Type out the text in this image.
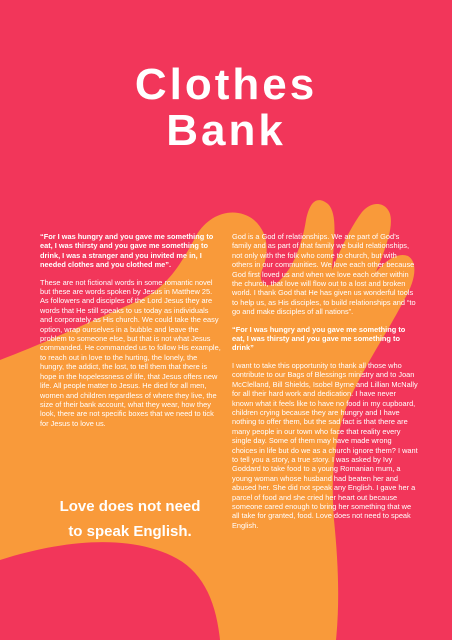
Clothes
Bank

“For I was hungry and you gave me something to eat, I was thirsty and you gave me something to drink, I was a stranger and you invited me in, I needed clothes and you clothed me”.

These are not fictional words in some romantic novel but these are words spoken by Jesus in Matthew 25. As followers and disciples of the Lord Jesus they are words that He still speaks to us today as individuals and corporately as His church. We could take the easy option, wrap ourselves in a bubble and leave the problem to someone else, but that is not what Jesus commanded. He commanded us to follow His example, to reach out in love to the hurting, the lonely, the hungry, the addict, the lost, to tell them that there is hope in the hopelessness of life, that Jesus offers new life. All people matter to Jesus. He died for all men, women and children regardless of where they live, the size of their bank account, what they wear, how they look, there are not specific boxes that we need to tick for Jesus to love us.

Love does not need
to speak English.

God is a God of relationships. We are part of God’s family and as part of that family we build relationships, not only with the folk who come to church, but with others in our communities. We love each other because God first loved us and when we love each other within the church, that love will flow out to a lost and broken world. I thank God that He has given us wonderful tools to help us, as His disciples, to build relationships and “to go and make disciples of all nations”.

“For I was hungry and you gave me something to eat, I was thirsty and you gave me something to drink”

I want to take this opportunity to thank all those who contribute to our Bags of Blessings ministry and to Joan McClelland, Bill Shields, Isobel Byrne and Lillian McNally for all their hard work and dedication. I have never known what it feels like to have no food in my cupboard, children crying because they are hungry and I have nothing to offer them, but the sad fact is that there are many people in our town who face that reality every single day. Some of them may have made wrong choices in life but do we as a church ignore them? I want to tell you a story, a true story. I was asked by Ivy Goddard to take food to a young Romanian mum, a young woman whose husband had beaten her and abused her. She did not speak any English. I gave her a parcel of food and she cried her heart out because someone cared enough to bring her something that we all take for granted, food. Love does not need to speak English.
